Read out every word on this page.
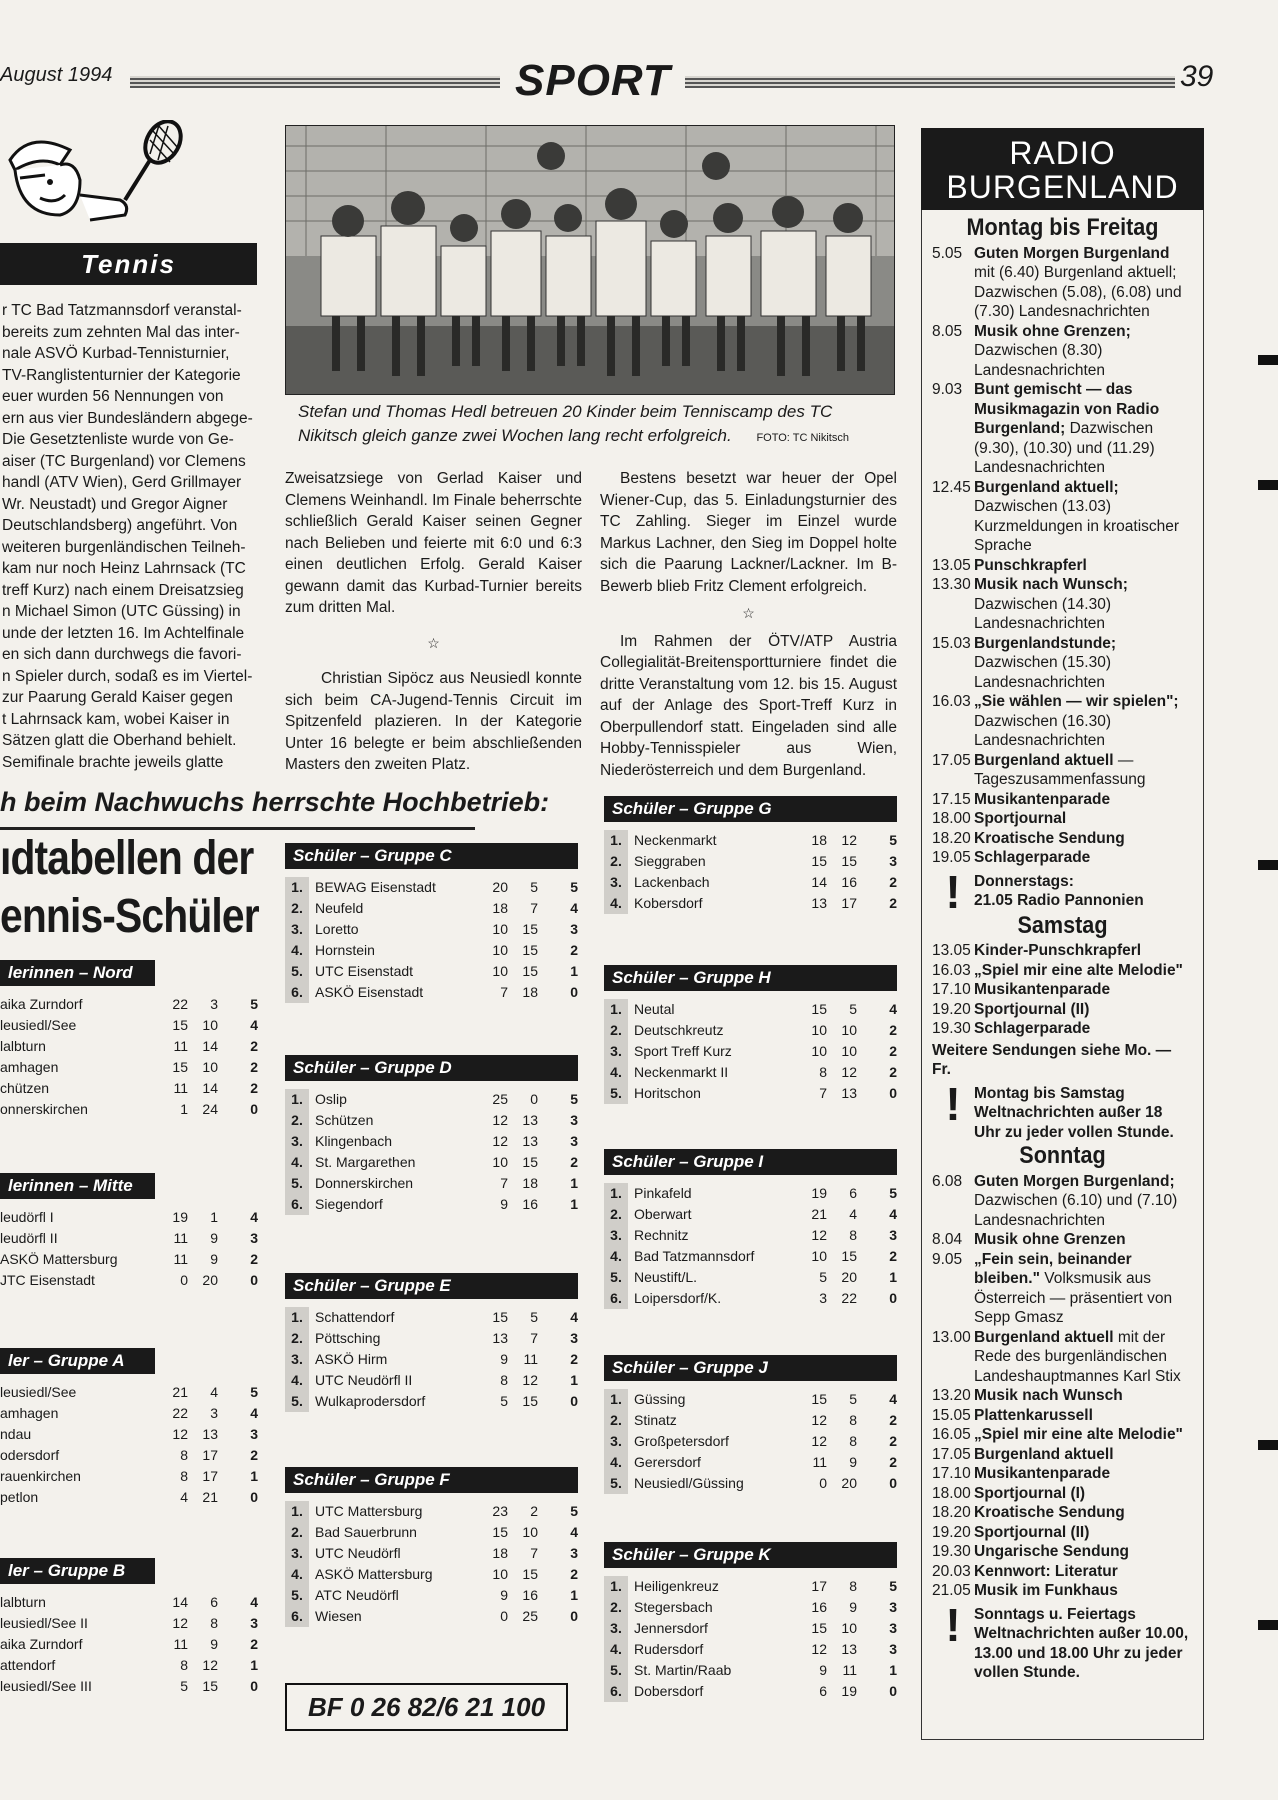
August 1994	SPORT	39
Tennis
r TC Bad Tatzmannsdorf veranstal-
bereits zum zehnten Mal das inter-
nale ASVÖ Kurbad-Tennisturnier,
TV-Ranglistenturnier der Kategorie
euer wurden 56 Nennungen von
ern aus vier Bundesländern abgege-
Die Gesetztenliste wurde von Ge-
aiser (TC Burgenland) vor Clemens
handl (ATV Wien), Gerd Grillmayer
Wr. Neustadt) und Gregor Aigner
Deutschlandsberg) angeführt. Von
weiteren burgenländischen Teilneh-
kam nur noch Heinz Lahrnsack (TC
treff Kurz) nach einem Dreisatzsieg
n Michael Simon (UTC Güssing) in
unde der letzten 16. Im Achtelfinale
en sich dann durchwegs die favori-
n Spieler durch, sodaß es im Viertel-
zur Paarung Gerald Kaiser gegen
t Lahrnsack kam, wobei Kaiser in
Sätzen glatt die Oberhand behielt.
Semifinale brachte jeweils glatte
Stefan und Thomas Hedl betreuen 20 Kinder beim Tenniscamp des TC Nikitsch gleich ganze zwei Wochen lang recht erfolgreich. FOTO: TC Nikitsch

Zweisatzsiege von Gerlad Kaiser und Clemens Weinhandl. Im Finale beherrschte schließlich Gerald Kaiser seinen Gegner nach Belieben und feierte mit 6:0 und 6:3 einen deutlichen Erfolg. Gerald Kaiser gewann damit das Kurbad-Turnier bereits zum dritten Mal.

☆

Christian Sipöcz aus Neusiedl konnte sich beim CA-Jugend-Tennis Circuit im Spitzenfeld plazieren. In der Kategorie Unter 16 belegte er beim abschließenden Masters den zweiten Platz.

Bestens besetzt war heuer der Opel Wiener-Cup, das 5. Einladungsturnier des TC Zahling. Sieger im Einzel wurde Markus Lachner, den Sieg im Doppel holte sich die Paarung Lackner/Lackner. Im B-Bewerb blieb Fritz Clement erfolgreich.

☆

Im Rahmen der ÖTV/ATP Austria Collegialität-Breitensportturniere findet die dritte Veranstaltung vom 12. bis 15. August auf der Anlage des Sport-Treff Kurz in Oberpullendorf statt. Eingeladen sind alle Hobby-Tennisspieler aus Wien, Niederösterreich und dem Burgenland.

h beim Nachwuchs herrschte Hochbetrieb:
ıdtabellen der
ennis-Schüler
BF 0 26 82/6 21 100
RADIO
BURGENLAND
Montag bis Freitag
5.05 Guten Morgen Burgenland mit (6.40) Burgenland aktuell; Dazwischen (5.08), (6.08) und (7.30) Landesnachrichten
8.05 Musik ohne Grenzen; Dazwischen (8.30) Landesnachrichten
9.03 Bunt gemischt — das Musikmagazin von Radio Burgenland; Dazwischen (9.30), (10.30) und (11.29) Landesnachrichten
12.45 Burgenland aktuell; Dazwischen (13.03) Kurzmeldungen in kroatischer Sprache
13.05 Punschkrapferl
13.30 Musik nach Wunsch; Dazwischen (14.30) Landesnachrichten
15.03 Burgenlandstunde; Dazwischen (15.30) Landesnachrichten
16.03 „Sie wählen — wir spielen"; Dazwischen (16.30) Landesnachrichten
17.05 Burgenland aktuell — Tageszusammenfassung
17.15 Musikantenparade
18.00 Sportjournal
18.20 Kroatische Sendung
19.05 Schlagerparade
! Donnerstags:
21.05 Radio Pannonien
Samstag
13.05 Kinder-Punschkrapferl
16.03 „Spiel mir eine alte Melodie"
17.10 Musikantenparade
19.20 Sportjournal (II)
19.30 Schlagerparade
Weitere Sendungen siehe Mo. — Fr.
! Montag bis Samstag Weltnachrichten außer 18 Uhr zu jeder vollen Stunde.
Sonntag
6.08 Guten Morgen Burgenland; Dazwischen (6.10) und (7.10) Landesnachrichten
8.04 Musik ohne Grenzen
9.05 „Fein sein, beinander bleiben." Volksmusik aus Österreich — präsentiert von Sepp Gmasz
13.00 Burgenland aktuell mit der Rede des burgenländischen Landeshauptmannes Karl Stix
13.20 Musik nach Wunsch
15.05 Plattenkarussell
16.05 „Spiel mir eine alte Melodie"
17.05 Burgenland aktuell
17.10 Musikantenparade
18.00 Sportjournal (I)
18.20 Kroatische Sendung
19.20 Sportjournal (II)
19.30 Ungarische Sendung
20.03 Kennwort: Literatur
21.05 Musik im Funkhaus
! Sonntags u. Feiertags
Weltnachrichten außer 10.00, 13.00 und 18.00 Uhr zu jeder vollen Stunde.
lerinnen – Nord
aika Zurndorf	22	3	5
leusiedl/See	15	10	4
lalbturn	11	14	2
amhagen	15	10	2
chützen	11	14	2
onnerskirchen	1	24	0
lerinnen – Mitte
leudörfl I	19	1	4
leudörfl II	11	9	3
ASKÖ Mattersburg	11	9	2
JTC Eisenstadt	0	20	0
ler – Gruppe A
leusiedl/See	21	4	5
amhagen	22	3	4
ndau	12	13	3
odersdorf	8	17	2
rauenkirchen	8	17	1
petlon	4	21	0
ler – Gruppe B
lalbturn	14	6	4
leusiedl/See II	12	8	3
aika Zurndorf	11	9	2
attendorf	8	12	1
leusiedl/See III	5	15	0
Schüler – Gruppe C
1. BEWAG Eisenstadt	20	5	5
2. Neufeld	18	7	4
3. Loretto	10	15	3
4. Hornstein	10	15	2
5. UTC Eisenstadt	10	15	1
6. ASKÖ Eisenstadt	7	18	0
Schüler – Gruppe D
1. Oslip	25	0	5
2. Schützen	12	13	3
3. Klingenbach	12	13	3
4. St. Margarethen	10	15	2
5. Donnerskirchen	7	18	1
6. Siegendorf	9	16	1
Schüler – Gruppe E
1. Schattendorf	15	5	4
2. Pöttsching	13	7	3
3. ASKÖ Hirm	9	11	2
4. UTC Neudörfl II	8	12	1
5. Wulkaprodersdorf	5	15	0
Schüler – Gruppe F
1. UTC Mattersburg	23	2	5
2. Bad Sauerbrunn	15	10	4
3. UTC Neudörfl	18	7	3
4. ASKÖ Mattersburg	10	15	2
5. ATC Neudörfl	9	16	1
6. Wiesen	0	25	0
Schüler – Gruppe G
1. Neckenmarkt	18	12	5
2. Sieggraben	15	15	3
3. Lackenbach	14	16	2
4. Kobersdorf	13	17	2
Schüler – Gruppe H
1. Neutal	15	5	4
2. Deutschkreutz	10	10	2
3. Sport Treff Kurz	10	10	2
4. Neckenmarkt II	8	12	2
5. Horitschon	7	13	0
Schüler – Gruppe I
1. Pinkafeld	19	6	5
2. Oberwart	21	4	4
3. Rechnitz	12	8	3
4. Bad Tatzmannsdorf	10	15	2
5. Neustift/L.	5	20	1
6. Loipersdorf/K.	3	22	0
Schüler – Gruppe J
1. Güssing	15	5	4
2. Stinatz	12	8	2
3. Großpetersdorf	12	8	2
4. Gerersdorf	11	9	2
5. Neusiedl/Güssing	0	20	0
Schüler – Gruppe K
1. Heiligenkreuz	17	8	5
2. Stegersbach	16	9	3
3. Jennersdorf	15	10	3
4. Rudersdorf	12	13	3
5. St. Martin/Raab	9	11	1
6. Dobersdorf	6	19	0
